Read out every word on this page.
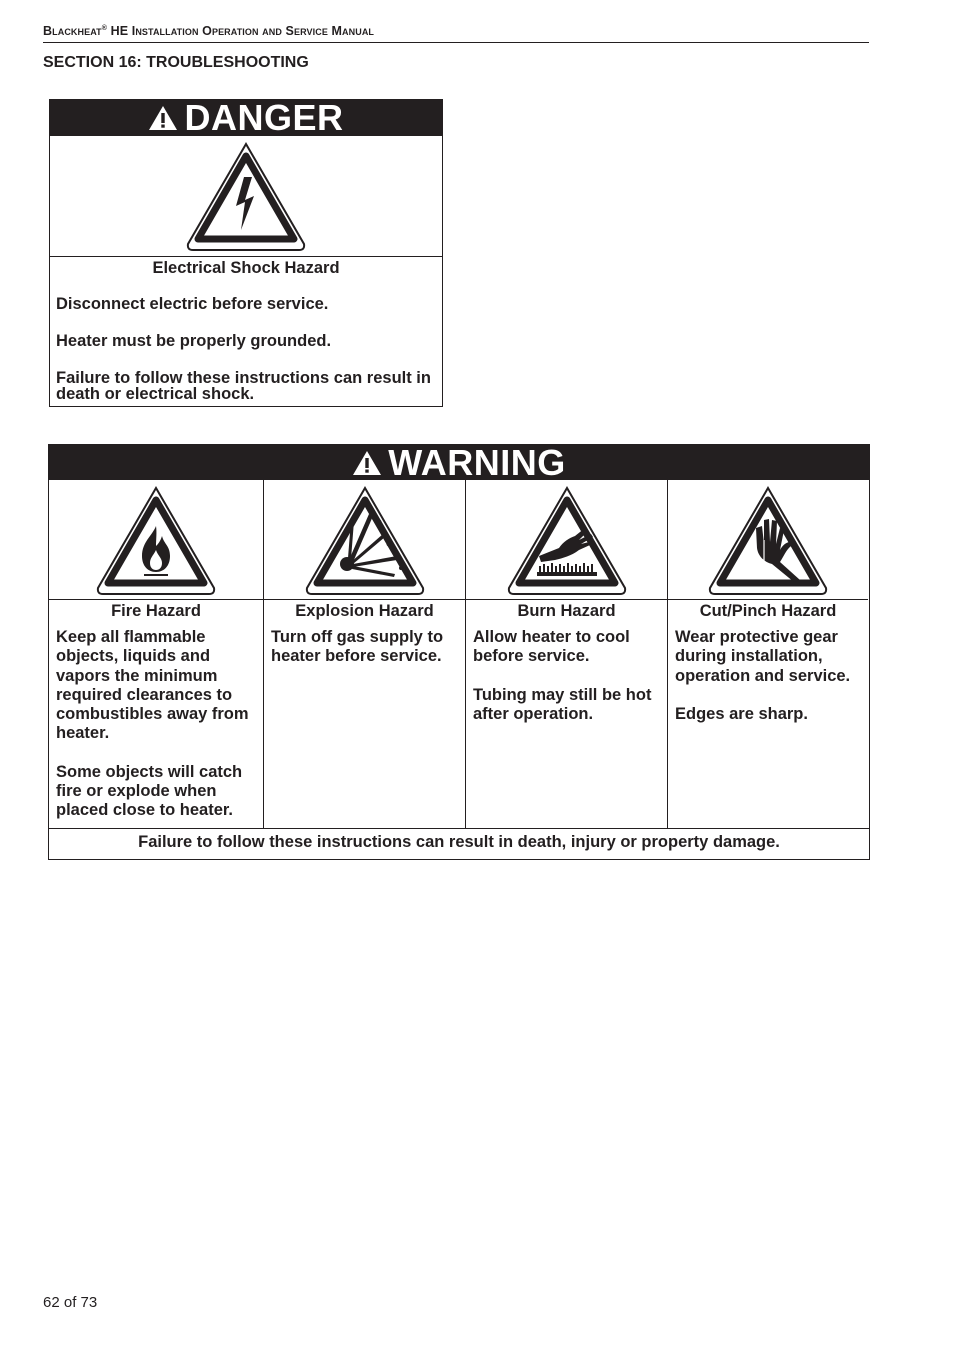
Blackheat® HE Installation Operation and Service Manual
SECTION 16: TROUBLESHOOTING
DANGER
Electrical Shock Hazard

Disconnect electric before service.

Heater must be properly grounded.

Failure to follow these instructions can result in death or electrical shock.

WARNING
Fire Hazard

Keep all flammable objects, liquids and vapors the minimum required clearances to combustibles away from heater.

Some objects will catch fire or explode when placed close to heater.

Explosion Hazard

Turn off gas supply to heater before service.

Burn Hazard

Allow heater to cool before service.

Tubing may still be hot after operation.

Cut/Pinch Hazard

Wear protective gear during installation, operation and service.

Edges are sharp.

Failure to follow these instructions can result in death, injury or property damage.
62 of 73
